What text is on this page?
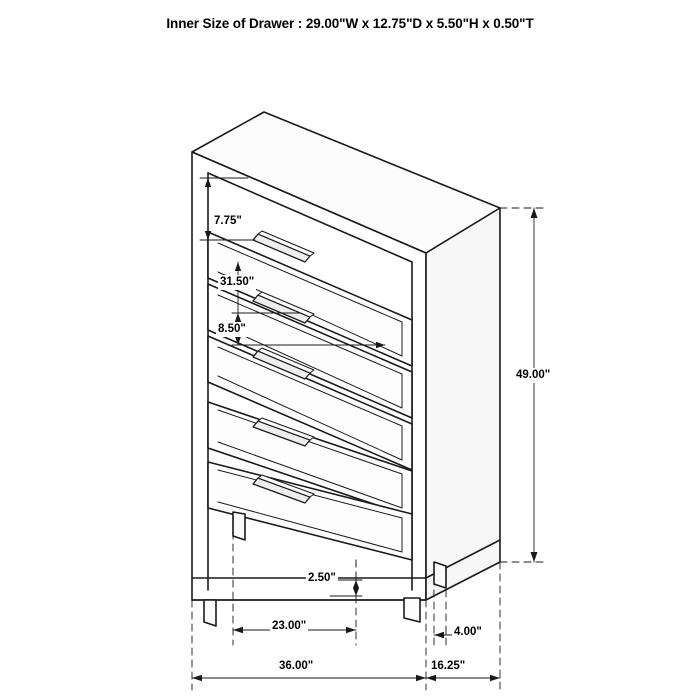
Inner Size of Drawer : 29.00"W x 12.75"D x 5.50"H x 0.50"T
7.75"
31.50"
8.50"
49.00"
2.50"
23.00"	4.00"
36.00"	16.25"
